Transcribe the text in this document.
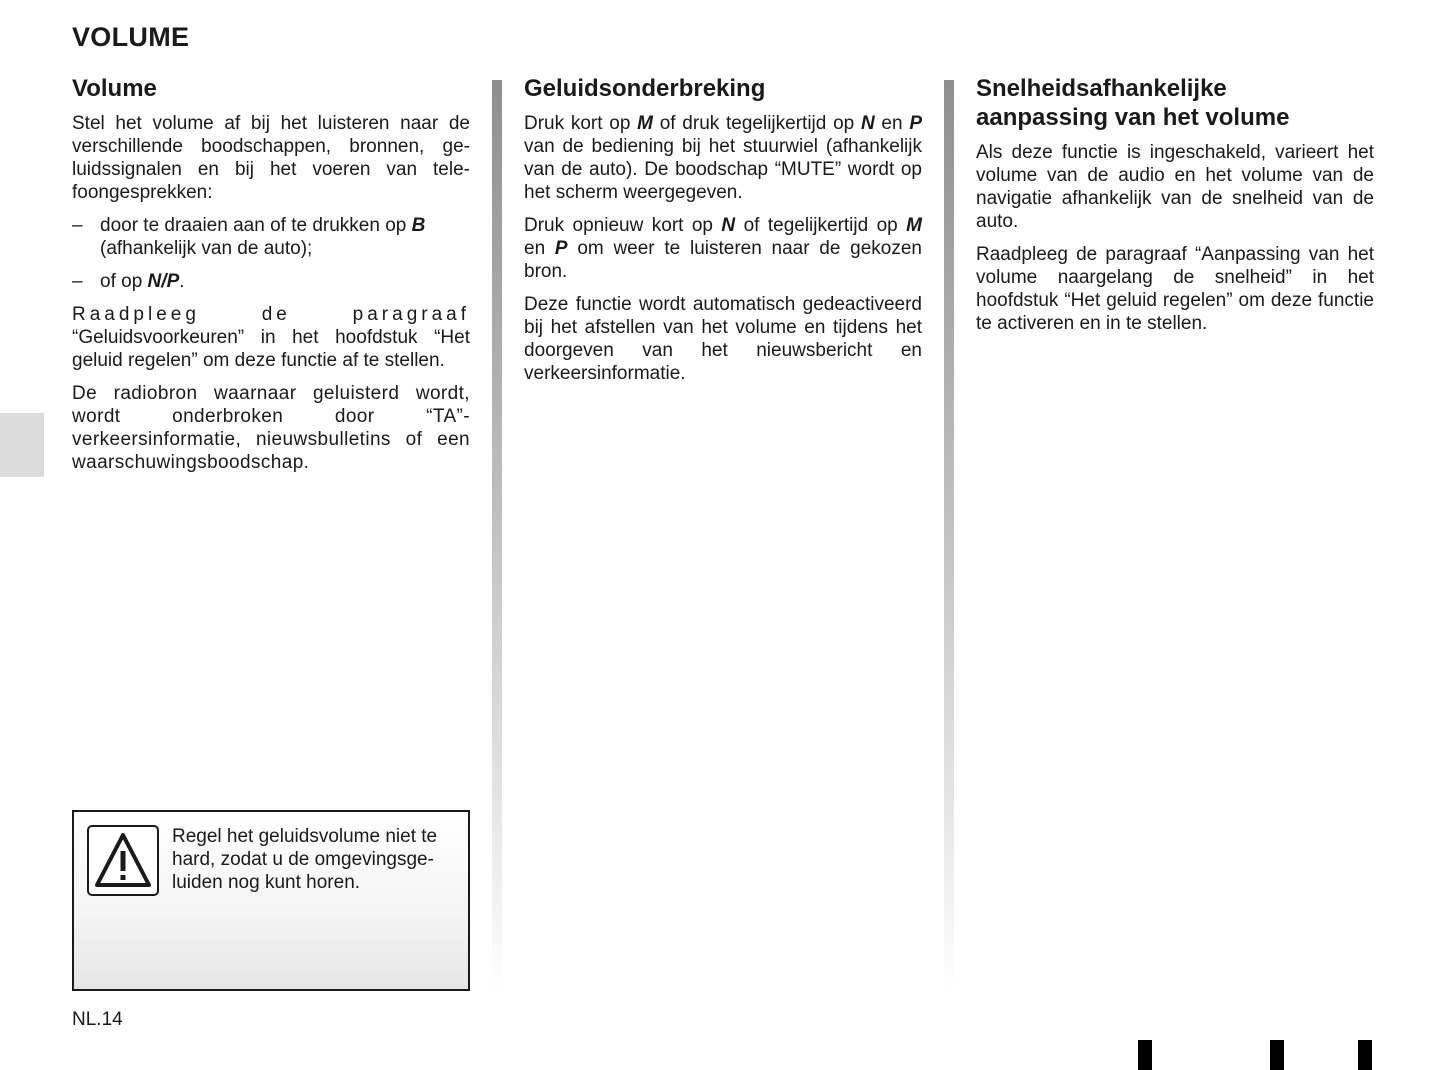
VOLUME
Volume

Stel het volume af bij het luisteren naar de verschillende boodschappen, bronnen, geluidssignalen en bij het voeren van telefoongesprekken:

– door te draaien aan of te drukken op B (afhankelijk van de auto);
– of op N/P.

Raadpleeg de paragraaf
“Geluidsvoorkeuren” in het hoofdstuk “Het geluid regelen” om deze functie af te stellen.

De radiobron waarnaar geluisterd wordt, wordt onderbroken door “TA”-verkeersinformatie, nieuwsbulletins of een waarschuwingsboodschap.

Geluidsonderbreking

Druk kort op M of druk tegelijkertijd op N en P van de bediening bij het stuurwiel (afhankelijk van de auto). De boodschap “MUTE” wordt op het scherm weergegeven.

Druk opnieuw kort op N of tegelijkertijd op M en P om weer te luisteren naar de gekozen bron.

Deze functie wordt automatisch gedeactiveerd bij het afstellen van het volume en tijdens het doorgeven van het nieuwsbericht en verkeersinformatie.

Snelheidsafhankelijke
aanpassing van het volume

Als deze functie is ingeschakeld, varieert het volume van de audio en het volume van de navigatie afhankelijk van de snelheid van de auto.

Raadpleeg de paragraaf “Aanpassing van het volume naargelang de snelheid” in het hoofdstuk “Het geluid regelen” om deze functie te activeren en in te stellen.

Regel het geluidsvolume niet te hard, zodat u de omgevingsgeluiden nog kunt horen.

NL.14
